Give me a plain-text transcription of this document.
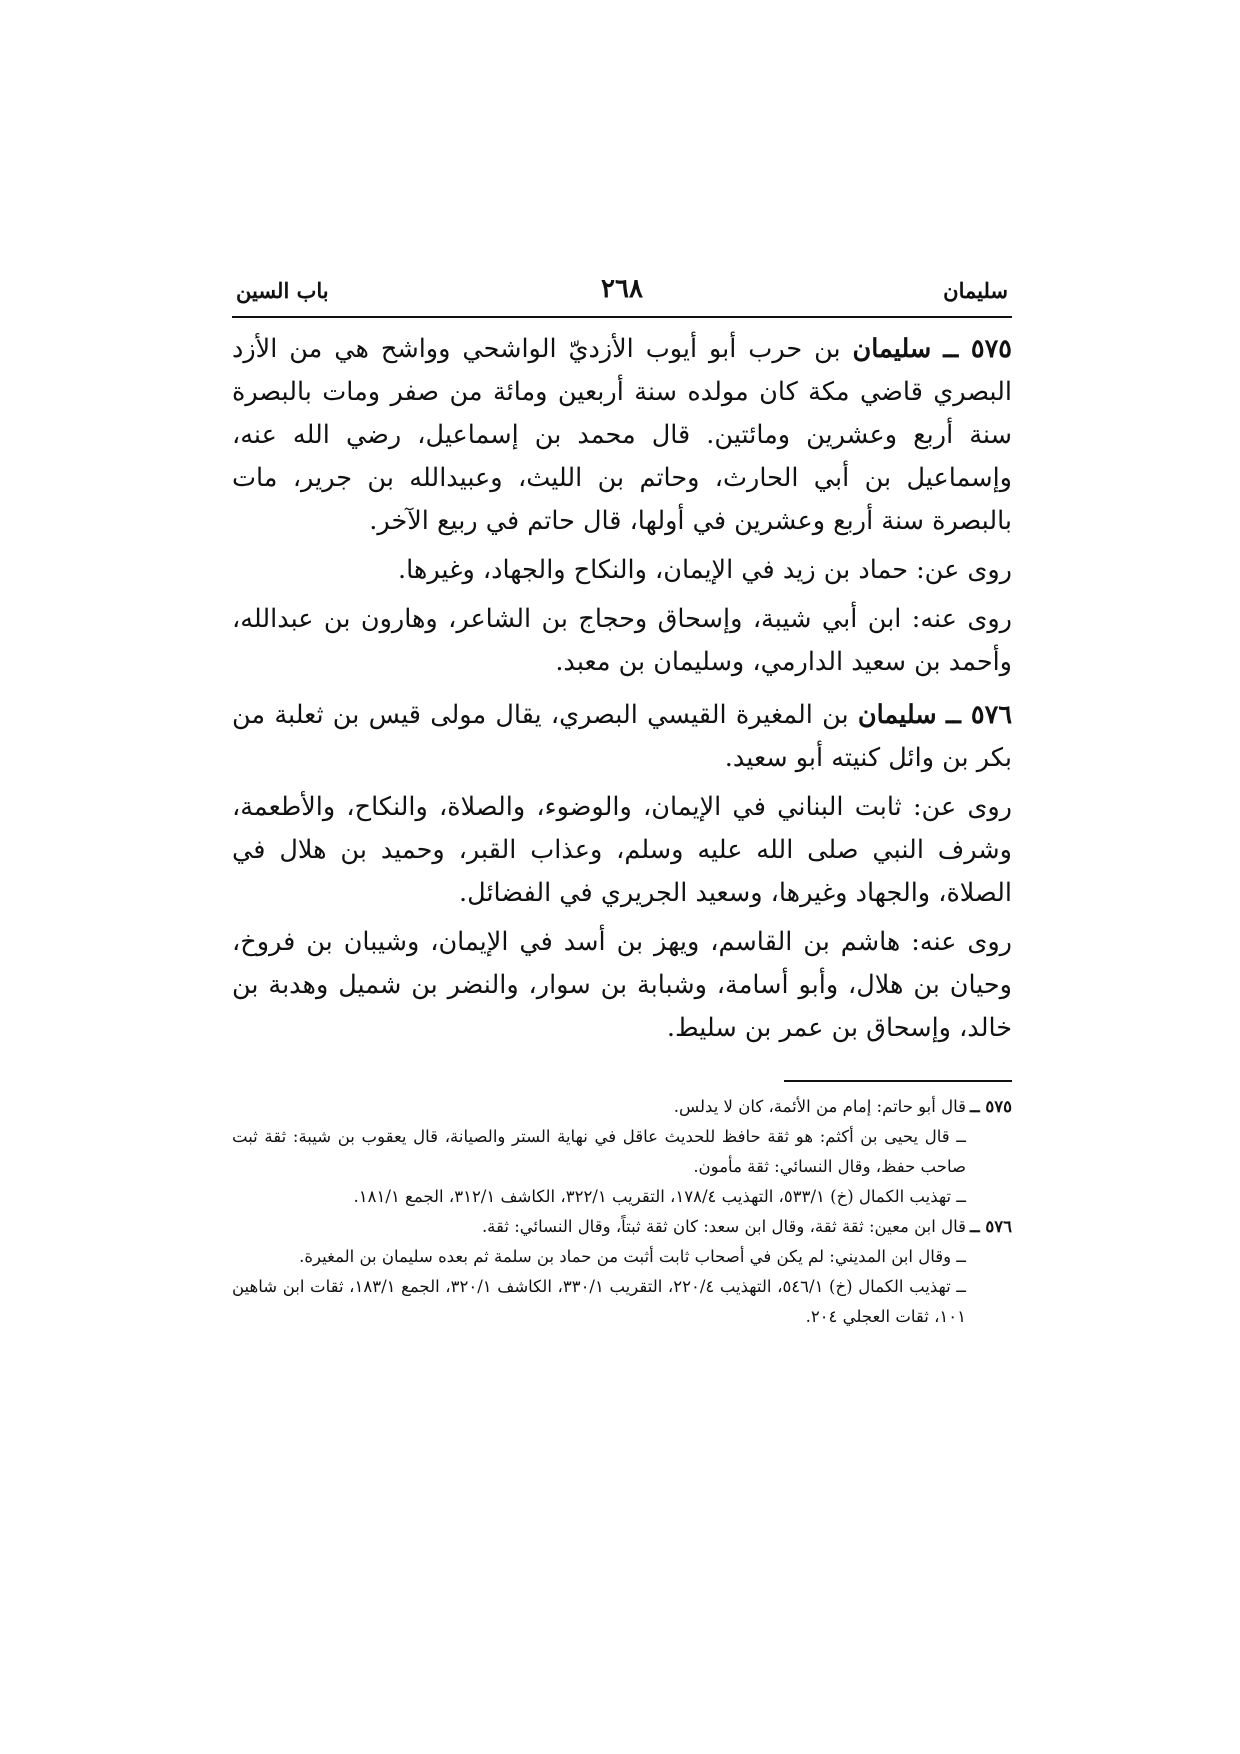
سليمان
٢٦٨
باب السين

٥٧٥ ــ سليمان بن حرب أبو أيوب الأزديّ الواشحي وواشح هي من الأزد البصري قاضي مكة كان مولده سنة أربعين ومائة من صفر ومات بالبصرة سنة أربع وعشرين ومائتين. قال محمد بن إسماعيل، رضي الله عنه، وإسماعيل بن أبي الحارث، وحاتم بن الليث، وعبيدالله بن جرير، مات بالبصرة سنة أربع وعشرين في أولها، قال حاتم في ربيع الآخر.

روى عن: حماد بن زيد في الإيمان، والنكاح والجهاد، وغيرها.

روى عنه: ابن أبي شيبة، وإسحاق وحجاج بن الشاعر، وهارون بن عبدالله، وأحمد بن سعيد الدارمي، وسليمان بن معبد.

٥٧٦ ــ سليمان بن المغيرة القيسي البصري، يقال مولى قيس بن ثعلبة من بكر بن وائل كنيته أبو سعيد.

روى عن: ثابت البناني في الإيمان، والوضوء، والصلاة، والنكاح، والأطعمة، وشرف النبي صلى الله عليه وسلم، وعذاب القبر، وحميد بن هلال في الصلاة، والجهاد وغيرها، وسعيد الجريري في الفضائل.

روى عنه: هاشم بن القاسم، ويهز بن أسد في الإيمان، وشيبان بن فروخ، وحيان بن هلال، وأبو أسامة، وشبابة بن سوار، والنضر بن شميل وهدبة بن خالد، وإسحاق بن عمر بن سليط.

٥٧٥ ــ
قال أبو حاتم: إمام من الأئمة، كان لا يدلس.
ــ قال يحيى بن أكثم: هو ثقة حافظ للحديث عاقل في نهاية الستر والصيانة، قال يعقوب بن شيبة: ثقة ثبت صاحب حفظ، وقال النسائي: ثقة مأمون.
ــ تهذيب الكمال (خ) ٥٣٣/١، التهذيب ١٧٨/٤، التقريب ٣٢٢/١، الكاشف ٣١٢/١، الجمع ١٨١/١.
٥٧٦ ــ
قال ابن معين: ثقة ثقة، وقال ابن سعد: كان ثقة ثبتاً، وقال النسائي: ثقة.
ــ وقال ابن المديني: لم يكن في أصحاب ثابت أثبت من حماد بن سلمة ثم بعده سليمان بن المغيرة.
ــ تهذيب الكمال (خ) ٥٤٦/١، التهذيب ٢٢٠/٤، التقريب ٣٣٠/١، الكاشف ٣٢٠/١، الجمع ١٨٣/١، ثقات ابن شاهين ١٠١، ثقات العجلي ٢٠٤.
